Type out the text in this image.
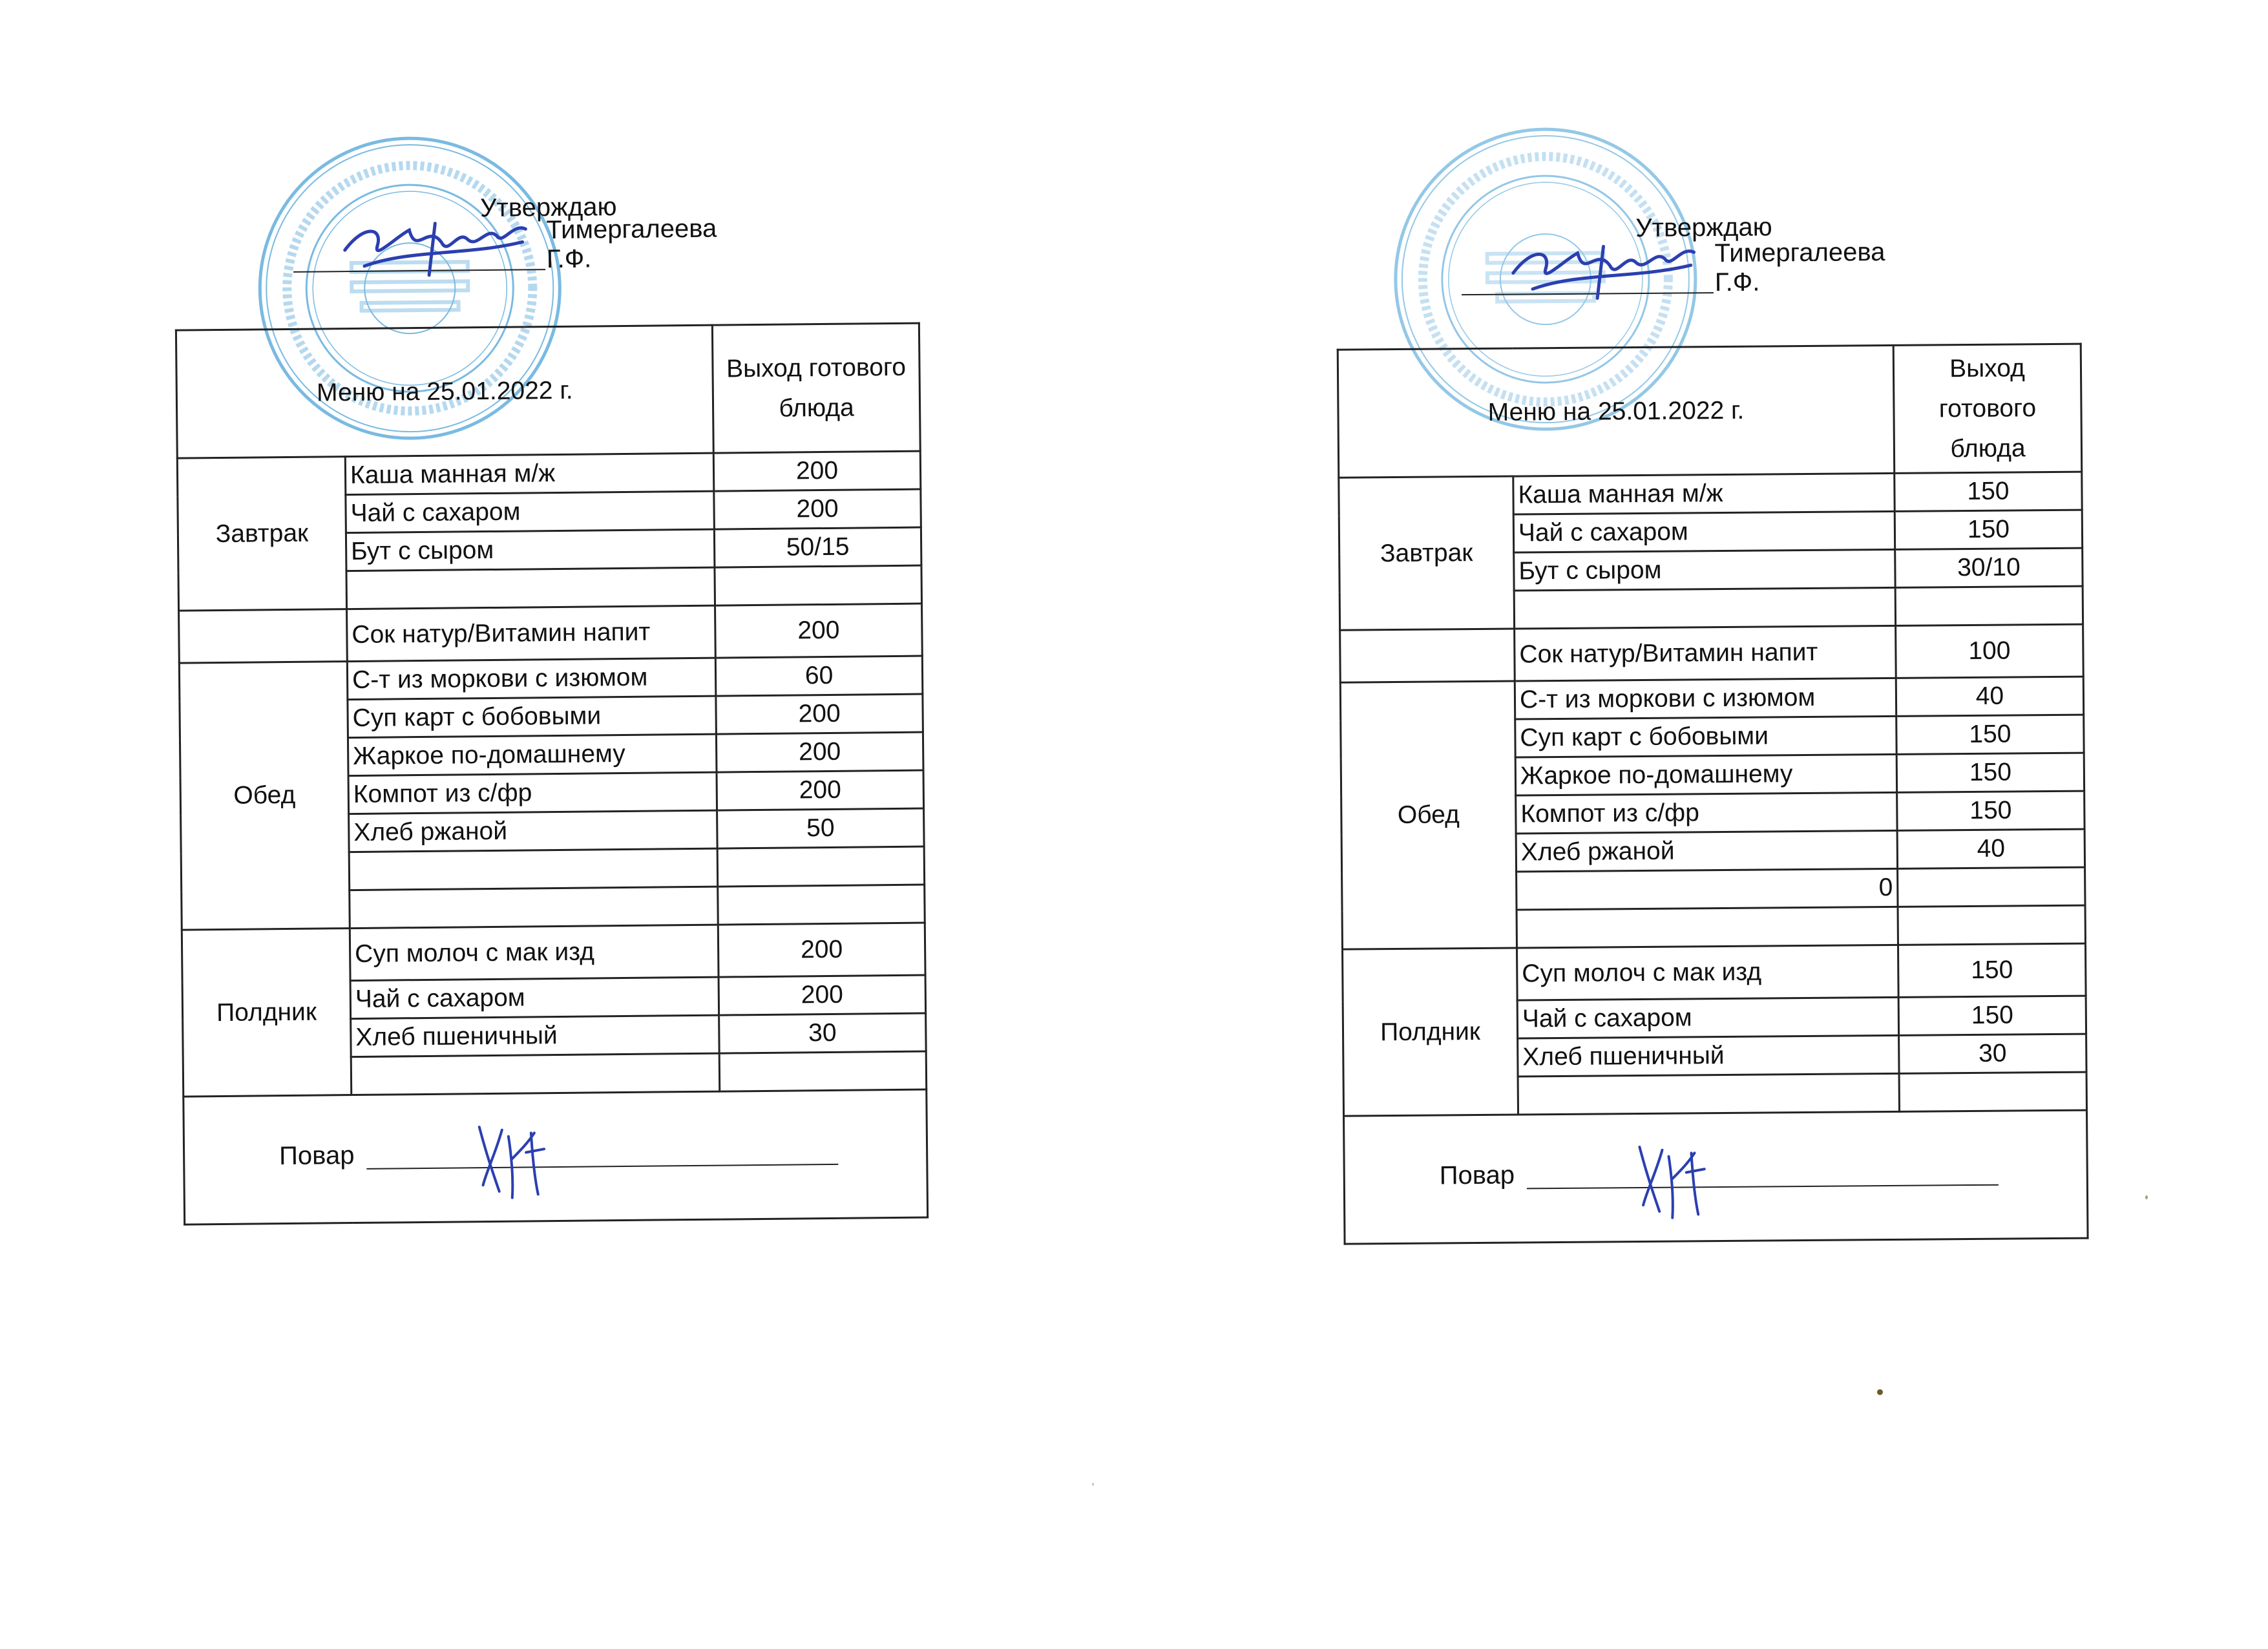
Утверждаю
Тимергалеева Г.Ф.
Меню на 25.01.2022 г.		Выход готового блюда
Завтрак	Каша манная м/ж	200
	Чай с сахаром	200
	Бут с сыром	50/15

	Сок натур/Витамин напит	200
Обед	С-т из моркови с изюмом	60
	Суп карт с бобовыми	200
	Жаркое по-домашнему	200
	Компот из с/фр	200
	Хлеб ржаной	50

Полдник	Суп молоч с мак изд	200
	Чай с сахаром	200
	Хлеб пшеничный	30

Повар		
Утверждаю
Тимергалеева Г.Ф.
Меню на 25.01.2022 г.		Выход готового блюда
Завтрак	Каша манная м/ж	150
	Чай с сахаром	150
	Бут с сыром	30/10

	Сок натур/Витамин напит	100
Обед	С-т из моркови с изюмом	40
	Суп карт с бобовыми	150
	Жаркое по-домашнему	150
	Компот из с/фр	150
	Хлеб ржаной	40
	0	

Полдник	Суп молоч с мак изд	150
	Чай с сахаром	150
	Хлеб пшеничный	30

Повар		
